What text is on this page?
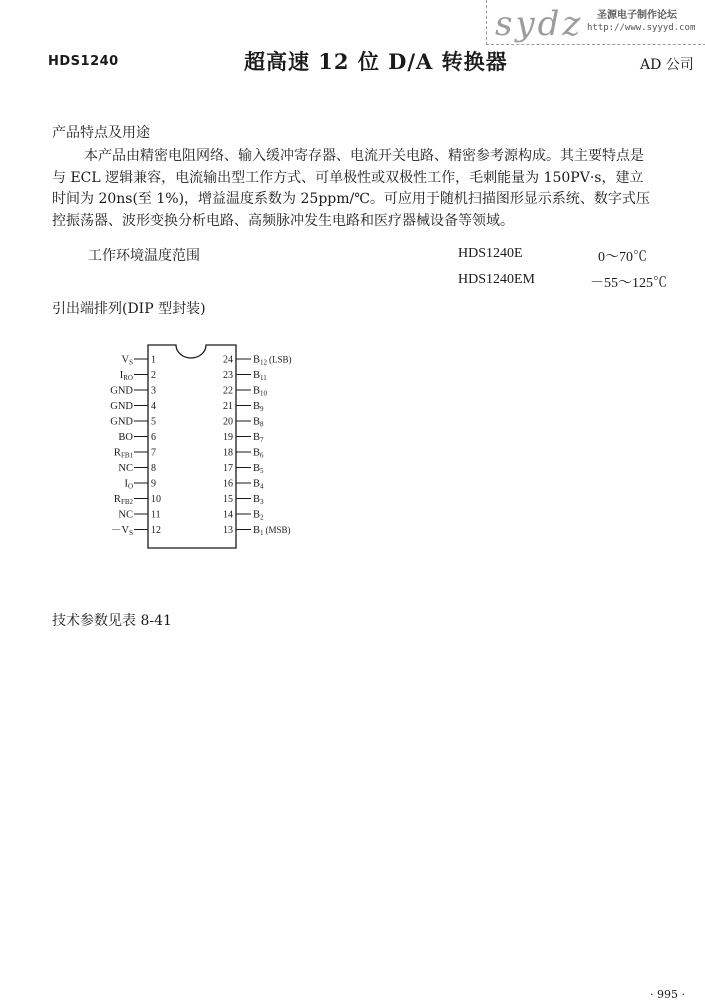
sydz 圣源电子制作论坛
http://www.syyyd.com
HDS1240	超高速 12 位 D/A 转换器	AD 公司
产品特点及用途

本产品由精密电阻网络、输入缓冲寄存器、电流开关电路、精密参考源构成。其主要特点是

与 ECL 逻辑兼容，电流输出型工作方式、可单极性或双极性工作，毛刺能量为 150PV·s，建立

时间为 20ns(至 1%)，增益温度系数为 25ppm/℃。可应用于随机扫描图形显示系统、数字式压

控振荡器、波形变换分析电路、高频脉冲发生电路和医疗器械设备等领域。

工作环境温度范围	HDS1240E	0～70℃
HDS1240EM	－55～125℃
引出端排列(DIP 型封装)
VS 1
IRO 2
GND 3
GND 4
GND 5
BO 6
RFB1 7
NC 8
IO 9
RFB2 10
NC 11
－VS 12
24 B12 (LSB)
23 B11
22 B10
21 B9
20 B8
19 B7
18 B6
17 B5
16 B4
15 B3
14 B2
13 B1 (MSB)
技术参数见表 8-41
· 995 ·
